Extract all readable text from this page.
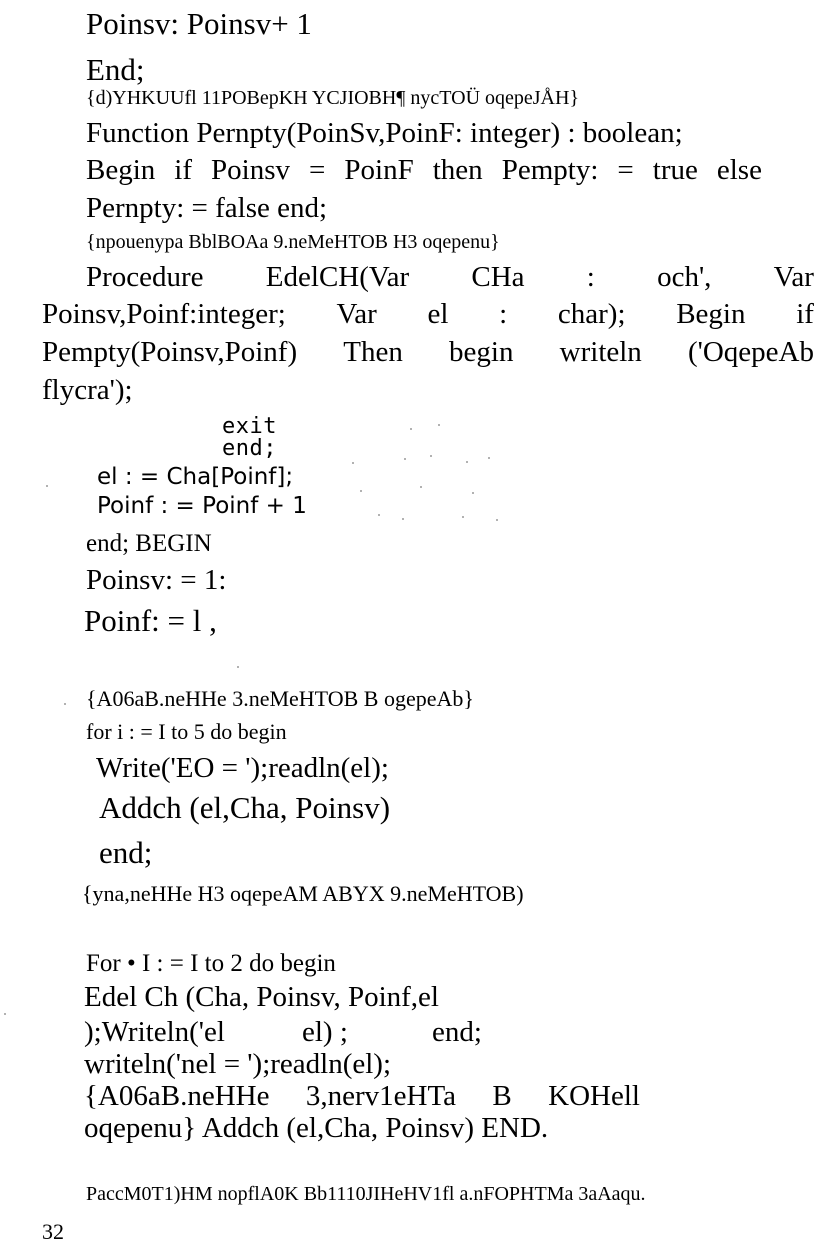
Poinsv: Poinsv+ 1
End;
{d)YHKUUfl 11POBepKH YCJIOBH¶ nycTOÜ oqepeJÅH}
Function Pernpty(PoinSv,PoinF: integer) : boolean;
Begin if Poinsv = PoinF then Pempty: = true else
Pernpty: = false end;
{npouenypa BblBOAa 9.neMeHTOB H3 oqepenu}
Procedure EdelCH(Var CHa : och', Var
Poinsv,Poinf:integer; Var el : char); Begin if
Pempty(Poinsv,Poinf) Then begin writeln ('OqepeAb
flycra');
exit
end;
el : = Cha[Poinf];
Poinf : = Poinf + 1
end; BEGIN
Poinsv: = 1:
Poinf: = l ,
{A06aB.neHHe 3.neMeHTOB B ogepeAb}
for i : = I to 5 do begin
Write('EO = ');readln(el);
Addch (el,Cha, Poinsv)
end;
{yna,neHHe H3 oqepeAM ABYX 9.neMeHTOB)
For • I : = I to 2 do begin
Edel Ch (Cha, Poinsv, Poinf,el
);Writeln('el	el) ;	end;
writeln('nel = ');readln(el);
{A06aB.neHHe 3,nerv1eHTa B KOHell
oqepenu} Addch (el,Cha, Poinsv) END.
PaccM0T1)HM nopflA0K Bb1110JIHeHV1fl a.nFOPHTMa 3aAaqu.
32
